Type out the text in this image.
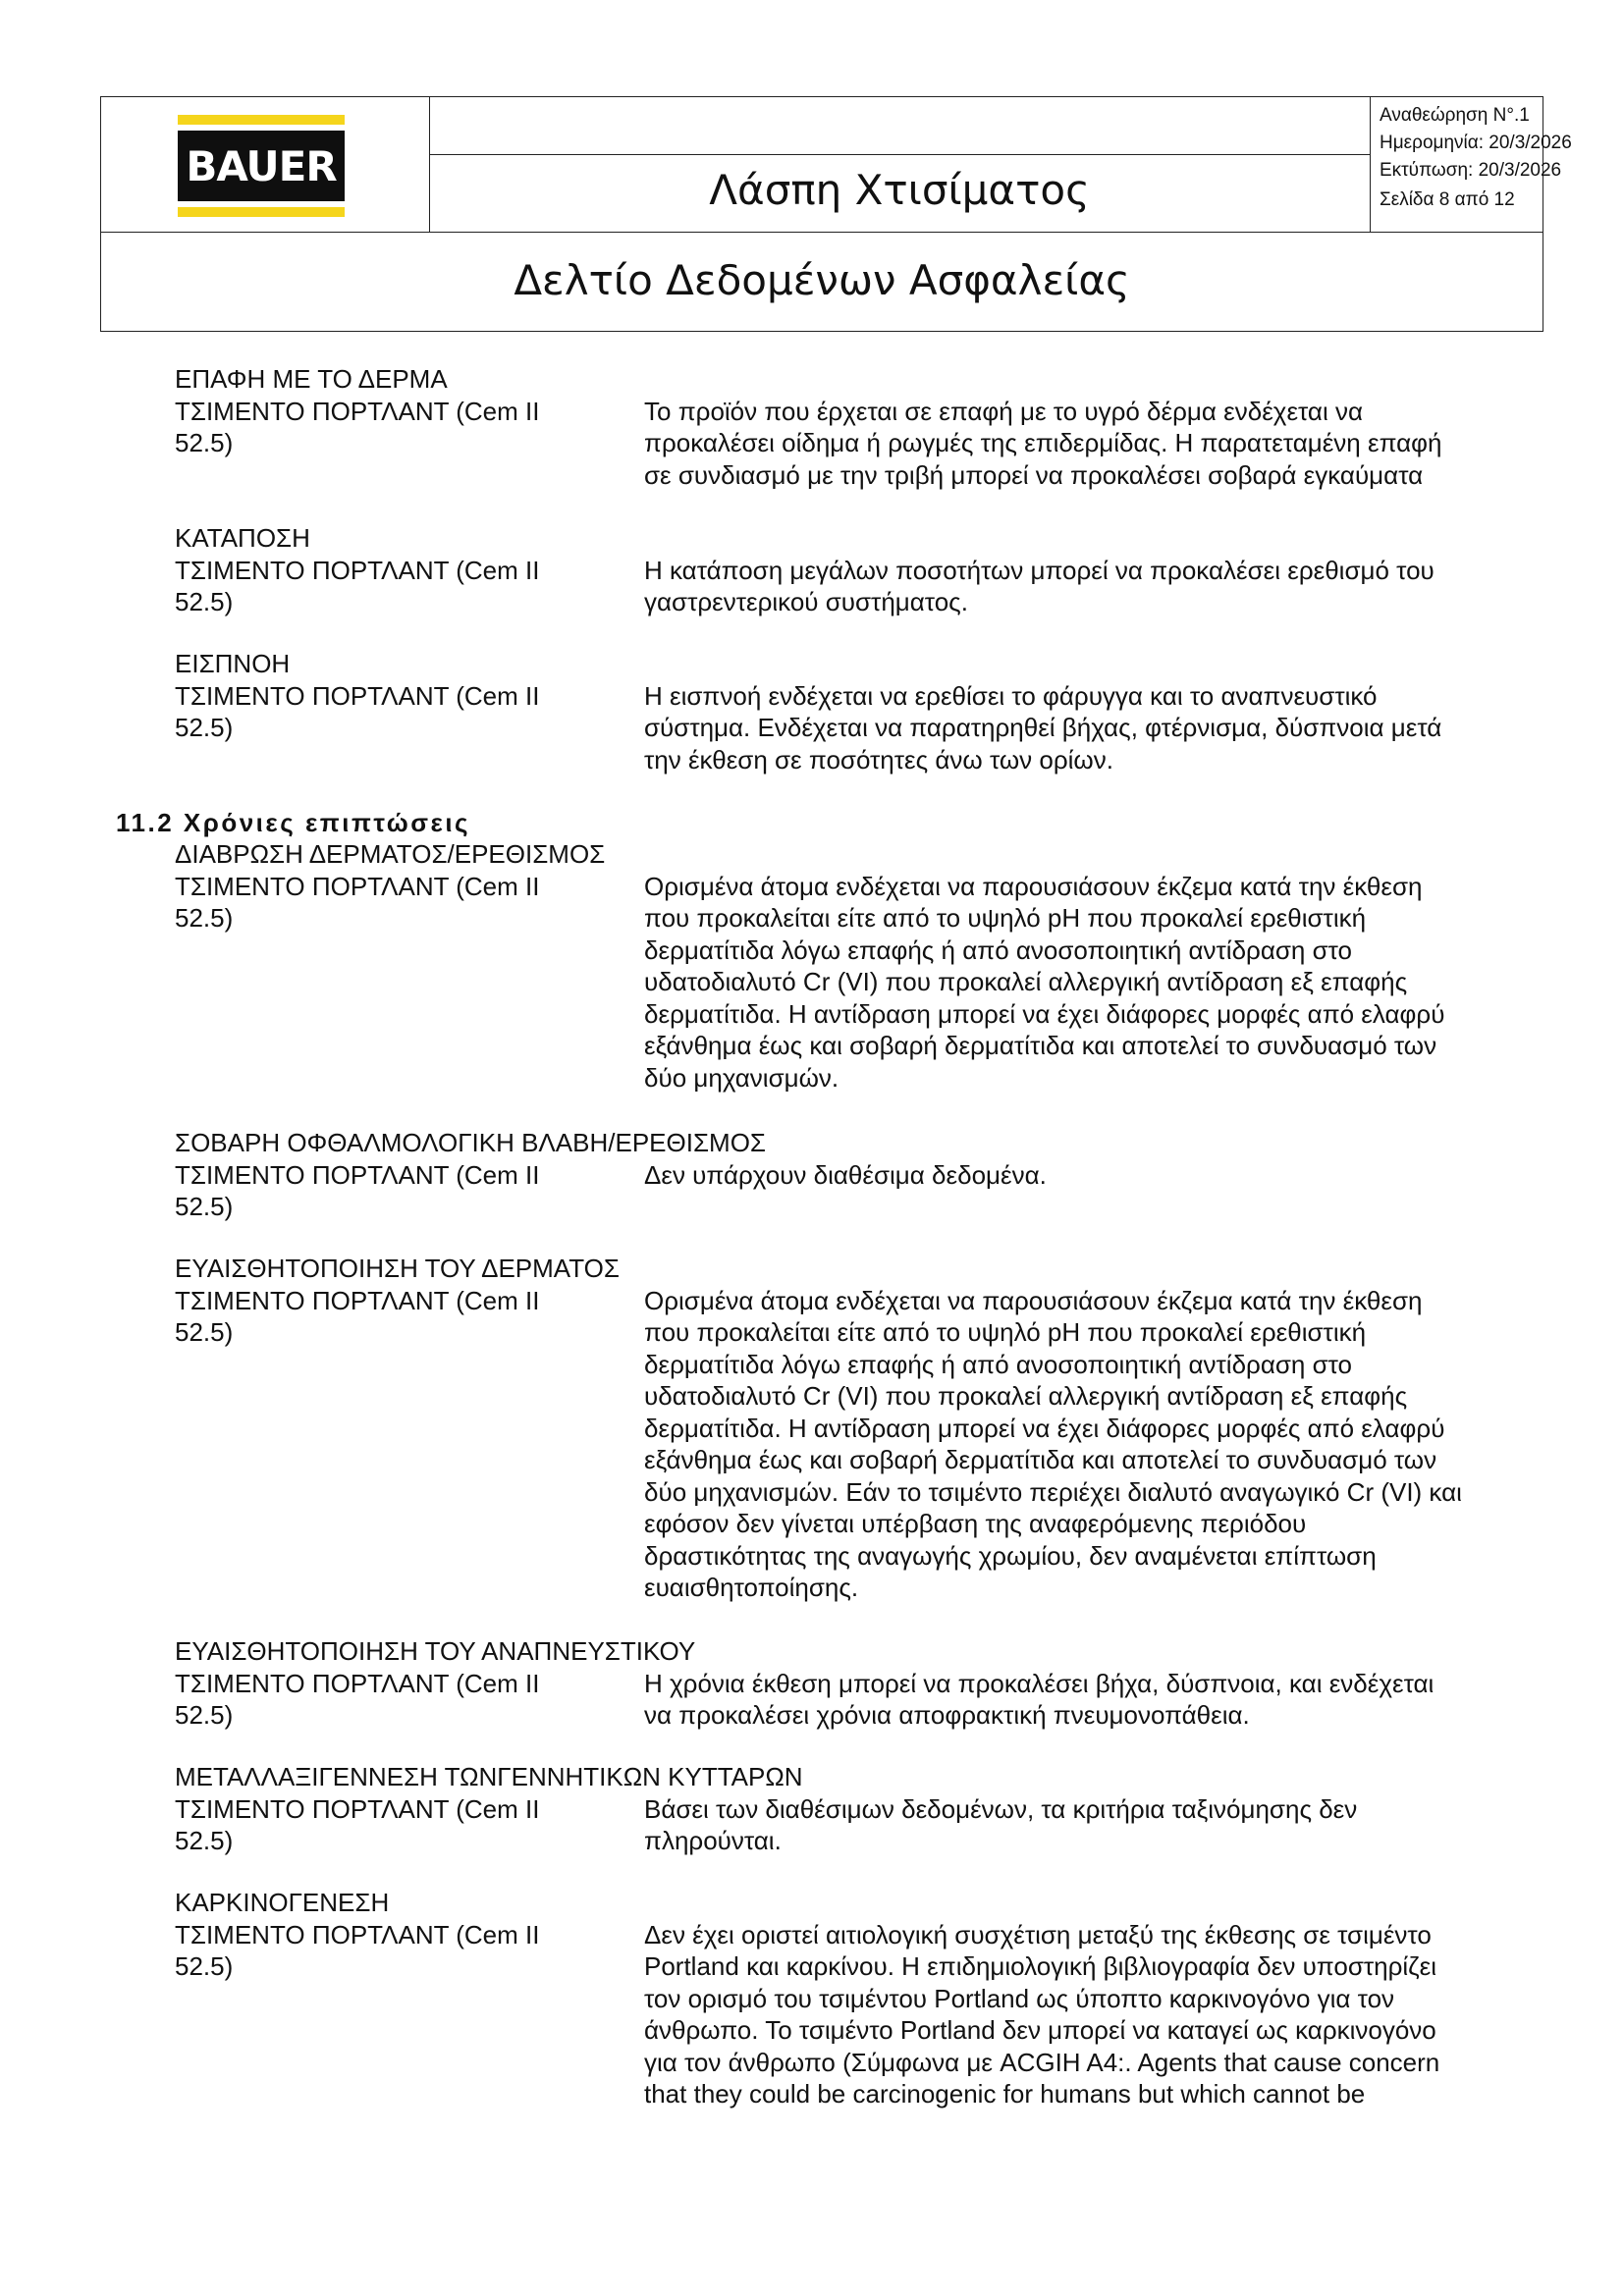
BAUER	Λάσπη Χτισίματος
Αναθεώρηση N°.1
Ημερομηνία: 20/3/2026
Εκτύπωση: 20/3/2026
Σελίδα 8 από 12
Δελτίο Δεδομένων Ασφαλείας
ΕΠΑΦΗ ΜΕ ΤΟ ΔΕΡΜΑ
ΤΣΙΜΕΝΤΟ ΠΟΡΤΛΑΝΤ (Cem II
52.5)
Το προϊόν που έρχεται σε επαφή με το υγρό δέρμα ενδέχεται να
προκαλέσει οίδημα ή ρωγμές της επιδερμίδας. Η παρατεταμένη επαφή
σε συνδιασμό με την τριβή μπορεί να προκαλέσει σοβαρά εγκαύματα
ΚΑΤΑΠΟΣΗ
ΤΣΙΜΕΝΤΟ ΠΟΡΤΛΑΝΤ (Cem II
52.5)
Η κατάποση μεγάλων ποσοτήτων μπορεί να προκαλέσει ερεθισμό του
γαστρεντερικού συστήματος.
ΕΙΣΠΝΟΗ
ΤΣΙΜΕΝΤΟ ΠΟΡΤΛΑΝΤ (Cem II
52.5)
Η εισπνοή ενδέχεται να ερεθίσει το φάρυγγα και το αναπνευστικό
σύστημα. Ενδέχεται να παρατηρηθεί βήχας, φτέρνισμα, δύσπνοια μετά
την έκθεση σε ποσότητες άνω των ορίων.
11.2 Χρόνιες επιπτώσεις
ΔΙΑΒΡΩΣΗ ΔΕΡΜΑΤΟΣ/ΕΡΕΘΙΣΜΟΣ
ΤΣΙΜΕΝΤΟ ΠΟΡΤΛΑΝΤ (Cem II
52.5)
Ορισμένα άτομα ενδέχεται να παρουσιάσουν έκζεμα κατά την έκθεση
που προκαλείται είτε από το υψηλό pH που προκαλεί ερεθιστική
δερματίτιδα λόγω επαφής ή από ανοσοποιητική αντίδραση στο
υδατοδιαλυτό Cr (VI) που προκαλεί αλλεργική αντίδραση εξ επαφής
δερματίτιδα. Η αντίδραση μπορεί να έχει διάφορες μορφές από ελαφρύ
εξάνθημα έως και σοβαρή δερματίτιδα και αποτελεί το συνδυασμό των
δύο μηχανισμών.
ΣΟΒΑΡΗ ΟΦΘΑΛΜΟΛΟΓΙΚΗ ΒΛΑΒΗ/ΕΡΕΘΙΣΜΟΣ
ΤΣΙΜΕΝΤΟ ΠΟΡΤΛΑΝΤ (Cem II
52.5)
Δεν υπάρχουν διαθέσιμα δεδομένα.
ΕΥΑΙΣΘΗΤΟΠΟΙΗΣΗ ΤΟΥ ΔΕΡΜΑΤΟΣ
ΤΣΙΜΕΝΤΟ ΠΟΡΤΛΑΝΤ (Cem II
52.5)
Ορισμένα άτομα ενδέχεται να παρουσιάσουν έκζεμα κατά την έκθεση
που προκαλείται είτε από το υψηλό pH που προκαλεί ερεθιστική
δερματίτιδα λόγω επαφής ή από ανοσοποιητική αντίδραση στο
υδατοδιαλυτό Cr (VI) που προκαλεί αλλεργική αντίδραση εξ επαφής
δερματίτιδα. Η αντίδραση μπορεί να έχει διάφορες μορφές από ελαφρύ
εξάνθημα έως και σοβαρή δερματίτιδα και αποτελεί το συνδυασμό των
δύο μηχανισμών. Εάν το τσιμέντο περιέχει διαλυτό αναγωγικό Cr (VI) και
εφόσον δεν γίνεται υπέρβαση της αναφερόμενης περιόδου
δραστικότητας της αναγωγής χρωμίου, δεν αναμένεται επίπτωση
ευαισθητοποίησης.
ΕΥΑΙΣΘΗΤΟΠΟΙΗΣΗ ΤΟΥ ΑΝΑΠΝΕΥΣΤΙΚΟΥ
ΤΣΙΜΕΝΤΟ ΠΟΡΤΛΑΝΤ (Cem II
52.5)
Η χρόνια έκθεση μπορεί να προκαλέσει βήχα, δύσπνοια, και ενδέχεται
να προκαλέσει χρόνια αποφρακτική πνευμονοπάθεια.
ΜΕΤΑΛΛΑΞΙΓΕΝΝΕΣΗ ΤΩΝΓΕΝΝΗΤΙΚΩΝ ΚΥΤΤΑΡΩΝ
ΤΣΙΜΕΝΤΟ ΠΟΡΤΛΑΝΤ (Cem II
52.5)
Βάσει των διαθέσιμων δεδομένων, τα κριτήρια ταξινόμησης δεν
πληρούνται.
ΚΑΡΚΙΝΟΓΕΝΕΣΗ
ΤΣΙΜΕΝΤΟ ΠΟΡΤΛΑΝΤ (Cem II
52.5)
Δεν έχει οριστεί αιτιολογική συσχέτιση μεταξύ της έκθεσης σε τσιμέντο
Portland και καρκίνου. Η επιδημιολογική βιβλιογραφία δεν υποστηρίζει
τον ορισμό του τσιμέντου Portland ως ύποπτο καρκινογόνο για τον
άνθρωπο. Το τσιμέντο Portland δεν μπορεί να καταγεί ως καρκινογόνο
για τον άνθρωπο (Σύμφωνα με ACGIH A4:. Agents that cause concern
that they could be carcinogenic for humans but which cannot be
